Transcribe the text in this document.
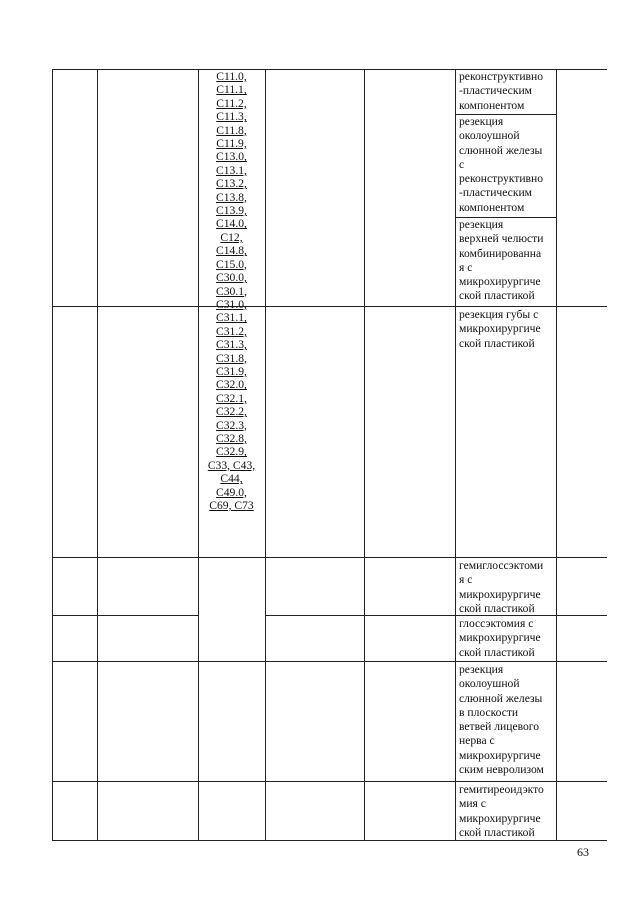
С11.0,
С11.1,
С11.2,
С11.3,
С11.8,
С11.9,
С13.0,
С13.1,
С13.2,
С13.8,
С13.9,
С14.0,
С12,
С14.8,
С15.0,
С30.0,
С30.1,
С31.0,
С31.1,
С31.2,
С31.3,
С31.8,
С31.9,
С32.0,
С32.1,
С32.2,
С32.3,
С32.8,
С32.9,
С33, С43,
С44,
С49.0,
С69, С73
реконструктивно
-пластическим
компонентом
резекция
околоушной
слюнной железы
с
реконструктивно
-пластическим
компонентом
резекция
верхней челюсти
комбинированна
я с
микрохирургиче
ской пластикой
резекция губы с
микрохирургиче
ской пластикой
гемиглоссэктоми
я с
микрохирургиче
ской пластикой
глоссэктомия с
микрохирургиче
ской пластикой
резекция
околоушной
слюнной железы
в плоскости
ветвей лицевого
нерва с
микрохирургиче
ским невролизом
гемитиреоидэкто
мия с
микрохирургиче
ской пластикой
63
